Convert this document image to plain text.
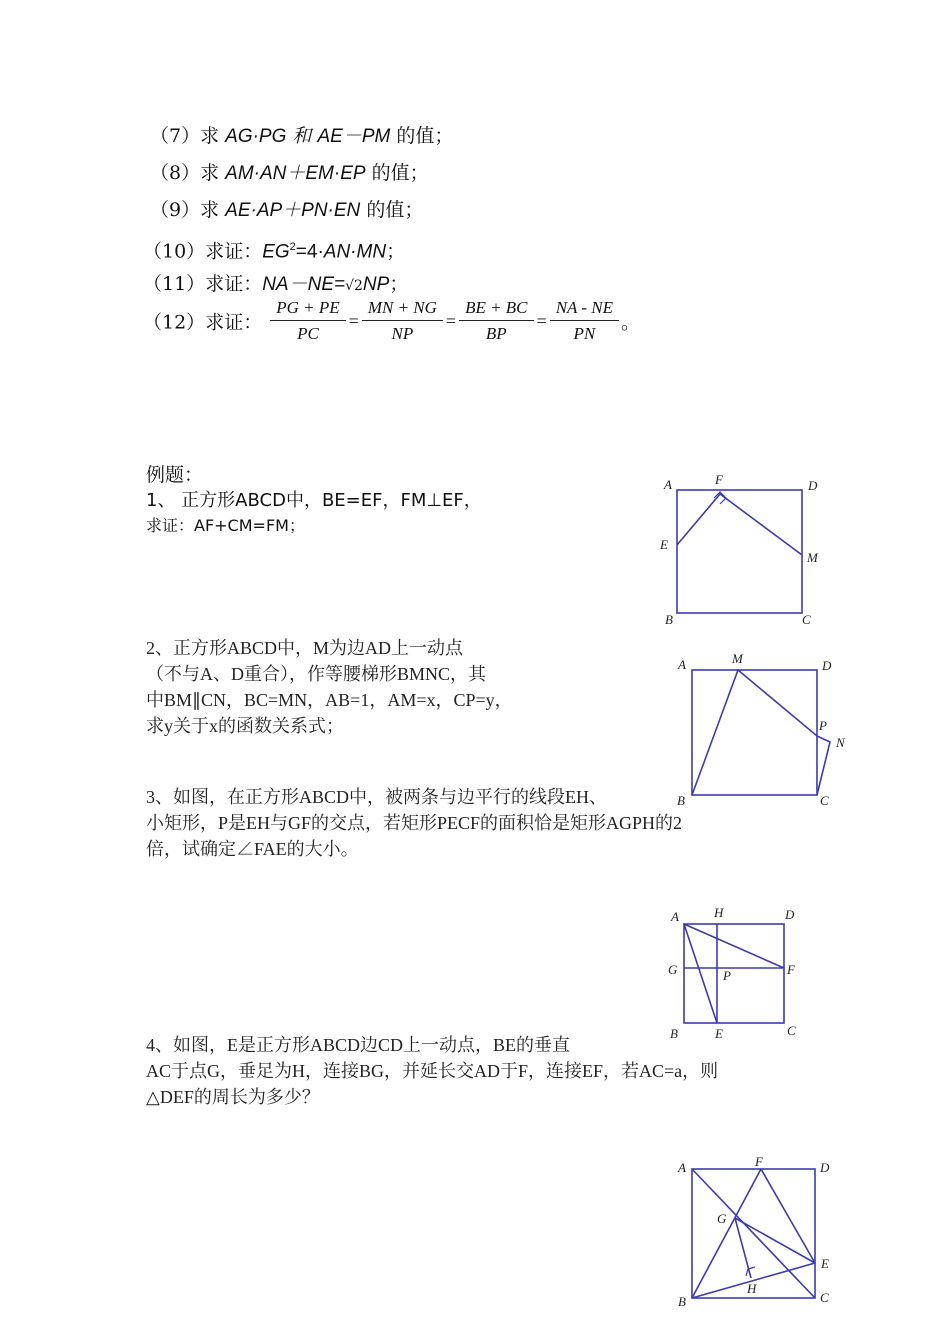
（7）求 AG·PG 和 AE－PM 的值；
（8）求 AM·AN＋EM·EP 的值；
（9）求 AE·AP＋PN·EN 的值；
（10）求证：$EG^2=4\cdot AN\cdot MN$；
（11）求证：NA－NE=√2NP；
（12）求证： $\frac{PG + PE}{PC} = \frac{MN + NG}{NP} = \frac{BE + BC}{BP} = \frac{NA - NE}{PN}$ 。
例题：
1、 正方形ABCD中，BE=EF，FM⊥EF，
求证：AF+CM=FM；
2、正方形ABCD中，M为边AD上一动点
（不与A、D重合），作等腰梯形BMNC，其
中BM∥CN，BC=MN，AB=1，AM=x，CP=y，
求y关于x的函数关系式；
3、如图，在正方形ABCD中，被两条与边平行的线段EH、
小矩形，P是EH与GF的交点，若矩形PECF的面积恰是矩形AGPH的2
倍，试确定∠FAE的大小。
4、如图，E是正方形ABCD边CD上一动点，BE的垂直
AC于点G，垂足为H，连接BG，并延长交AD于F，连接EF，若AC=a，则
△DEF的周长为多少？
A	F	D
E
M
B	C
A	M	D
P
N
B	C
A	H	D
G	P	F
B	E	C
A	F	D
G
E
H
B	C
